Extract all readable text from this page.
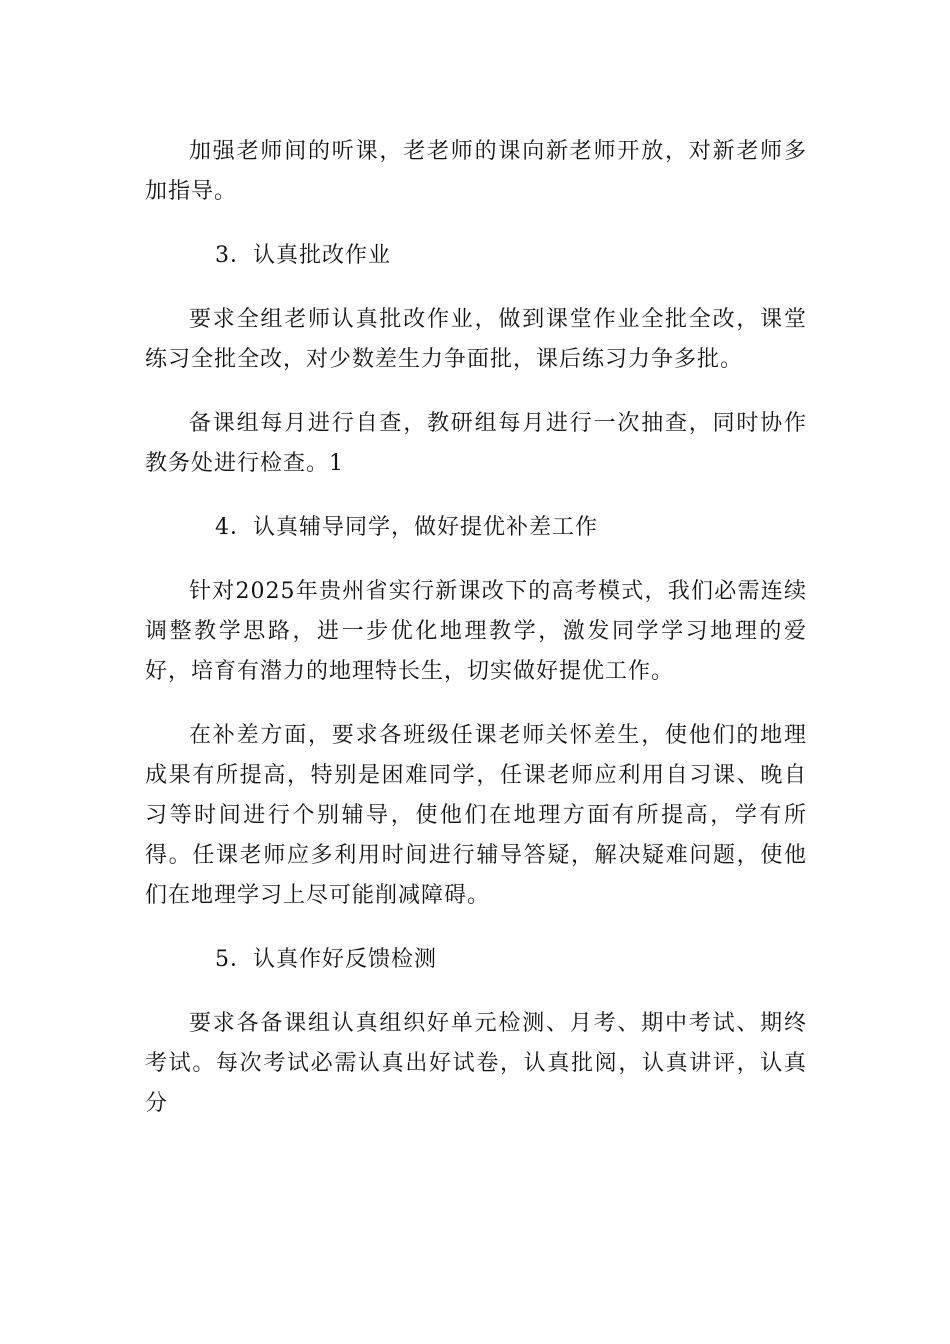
加强老师间的听课，老老师的课向新老师开放，对新老师多加指导。

3．认真批改作业

要求全组老师认真批改作业，做到课堂作业全批全改，课堂练习全批全改，对少数差生力争面批，课后练习力争多批。

备课组每月进行自查，教研组每月进行一次抽查，同时协作教务处进行检查。1

4．认真辅导同学，做好提优补差工作

针对2025年贵州省实行新课改下的高考模式，我们必需连续调整教学思路，进一步优化地理教学，激发同学学习地理的爱好，培育有潜力的地理特长生，切实做好提优工作。

在补差方面，要求各班级任课老师关怀差生，使他们的地理成果有所提高，特别是困难同学，任课老师应利用自习课、晚自习等时间进行个别辅导，使他们在地理方面有所提高，学有所得。任课老师应多利用时间进行辅导答疑，解决疑难问题，使他们在地理学习上尽可能削减障碍。

5．认真作好反馈检测

要求各备课组认真组织好单元检测、月考、期中考试、期终考试。每次考试必需认真出好试卷，认真批阅，认真讲评，认真分
